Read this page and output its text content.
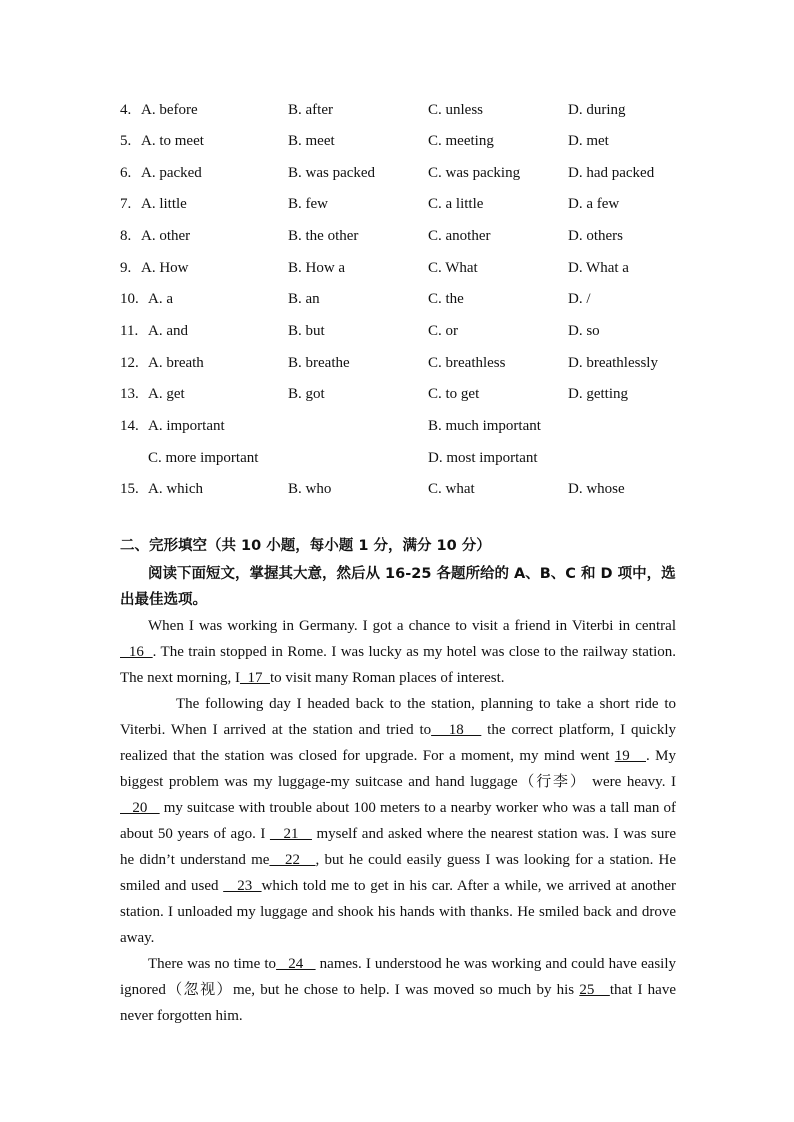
4. A. before	B. after	C. unless	D. during
5. A. to meet	B. meet	C. meeting	D. met
6. A. packed	B. was packed	C. was packing	D. had packed
7. A. little	B. few	C. a little	D. a few
8. A. other	B. the other	C. another	D. others
9. A. How	B. How a	C. What	D. What a
10. A. a	B. an	C. the	D. /
11. A. and	B. but	C. or	D. so
12. A. breath	B. breathe	C. breathless	D. breathlessly
13. A. get	B. got	C. to get	D. getting
14. A. important	B. much important
C. more important	D. most important
15. A. which	B. who	C. what	D. whose
二、完形填空（共 10 小题，每小题 1 分，满分 10 分）
阅读下面短文，掌握其大意，然后从 16-25 各题所给的 A、B、C 和 D 项中，选出最佳选项。
When I was working in Germany. I got a chance to visit a friend in Viterbi in central   16  . The train stopped in Rome. I was lucky as my hotel was close to the railway station. The next morning, I  17  to visit many Roman places of interest.
The following day I headed back to the station, planning to take a short ride to Viterbi. When I arrived at the station and tried to   18    the correct platform, I quickly realized that the station was closed for upgrade. For a moment, my mind went 19   . My biggest problem was my luggage-my suitcase and hand luggage（行李） were heavy. I    20    my suitcase with trouble about 100 meters to a nearby worker who was a tall man of about 50 years of ago. I    21    myself and asked where the nearest station was. I was sure he didn’t understand me   22   , but he could easily guess I was looking for a station. He smiled and used    23  which told me to get in his car. After a while, we arrived at another station. I unloaded my luggage and shook his hands with thanks. He smiled back and drove away.
There was no time to   24    names. I understood he was working and could have easily ignored（忽视）me, but he chose to help. I was moved so much by his 25   that I have never forgotten him.
